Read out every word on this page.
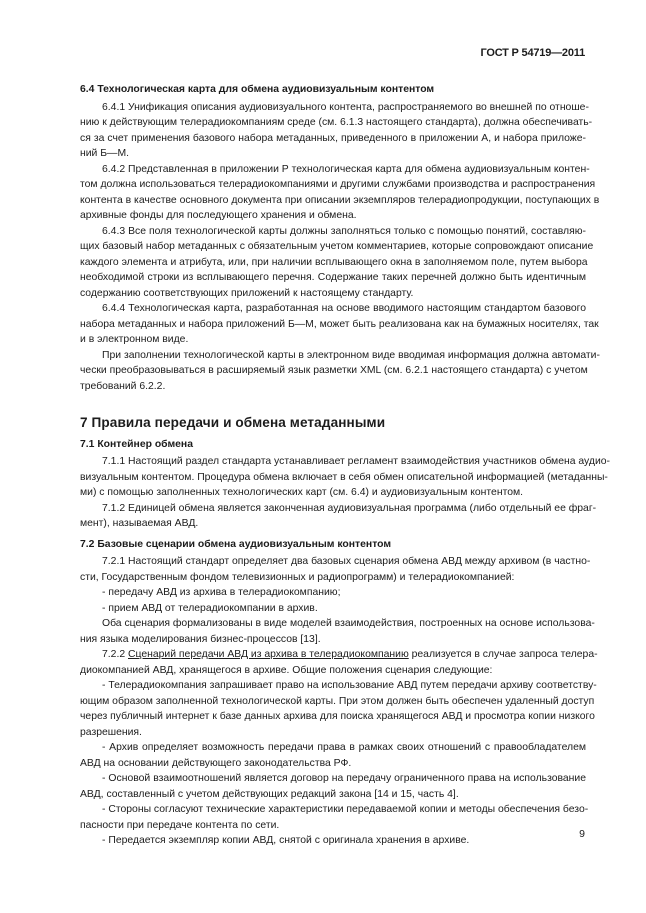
ГОСТ Р 54719—2011
6.4 Технологическая карта для обмена аудиовизуальным контентом
6.4.1 Унификация описания аудиовизуального контента, распространяемого во внешней по отноше-
нию к действующим телерадиокомпаниям среде (см. 6.1.3 настоящего стандарта), должна обеспечивать-
ся за счет применения базового набора метаданных, приведенного в приложении А, и набора приложе-
ний Б—М.
6.4.2 Представленная в приложении Р технологическая карта для обмена аудиовизуальным контен-
том должна использоваться телерадиокомпаниями и другими службами производства и распространения
контента в качестве основного документа при описании экземпляров телерадиопродукции, поступающих в
архивные фонды для последующего хранения и обмена.
6.4.3 Все поля технологической карты должны заполняться только с помощью понятий, составляю-
щих базовый набор метаданных с обязательным учетом комментариев, которые сопровождают описание
каждого элемента и атрибута, или, при наличии всплывающего окна в заполняемом поле, путем выбора
необходимой строки из всплывающего перечня. Содержание таких перечней должно быть идентичным
содержанию соответствующих приложений к настоящему стандарту.
6.4.4 Технологическая карта, разработанная на основе вводимого настоящим стандартом базового
набора метаданных и набора приложений Б—М, может быть реализована как на бумажных носителях, так
и в электронном виде.
При заполнении технологической карты в электронном виде вводимая информация должна автомати-
чески преобразовываться в расширяемый язык разметки XML (см. 6.2.1 настоящего стандарта) с учетом
требований 6.2.2.
7 Правила передачи и обмена метаданными
7.1 Контейнер обмена
7.1.1 Настоящий раздел стандарта устанавливает регламент взаимодействия участников обмена аудио-
визуальным контентом. Процедура обмена включает в себя обмен описательной информацией (метаданны-
ми) с помощью заполненных технологических карт (см. 6.4) и аудиовизуальным контентом.
7.1.2 Единицей обмена является законченная аудиовизуальная программа (либо отдельный ее фраг-
мент), называемая АВД.
7.2 Базовые сценарии обмена аудиовизуальным контентом
7.2.1 Настоящий стандарт определяет два базовых сценария обмена АВД между архивом (в частно-
сти, Государственным фондом телевизионных и радиопрограмм) и телерадиокомпанией:
- передачу АВД из архива в телерадиокомпанию;
- прием АВД от телерадиокомпании в архив.
Оба сценария формализованы в виде моделей взаимодействия, построенных на основе использова-
ния языка моделирования бизнес-процессов [13].
7.2.2 Сценарий передачи АВД из архива в телерадиокомпанию реализуется в случае запроса телера-
диокомпанией АВД, хранящегося в архиве. Общие положения сценария следующие:
- Телерадиокомпания запрашивает право на использование АВД путем передачи архиву соответству-
ющим образом заполненной технологической карты. При этом должен быть обеспечен удаленный доступ
через публичный интернет к базе данных архива для поиска хранящегося АВД и просмотра копии низкого
разрешения.
- Архив определяет возможность передачи права в рамках своих отношений с правообладателем
АВД на основании действующего законодательства РФ.
- Основой взаимоотношений является договор на передачу ограниченного права на использование
АВД, составленный с учетом действующих редакций закона [14 и 15, часть 4].
- Стороны согласуют технические характеристики передаваемой копии и методы обеспечения безо-
пасности при передаче контента по сети.
- Передается экземпляр копии АВД, снятой с оригинала хранения в архиве.
9
